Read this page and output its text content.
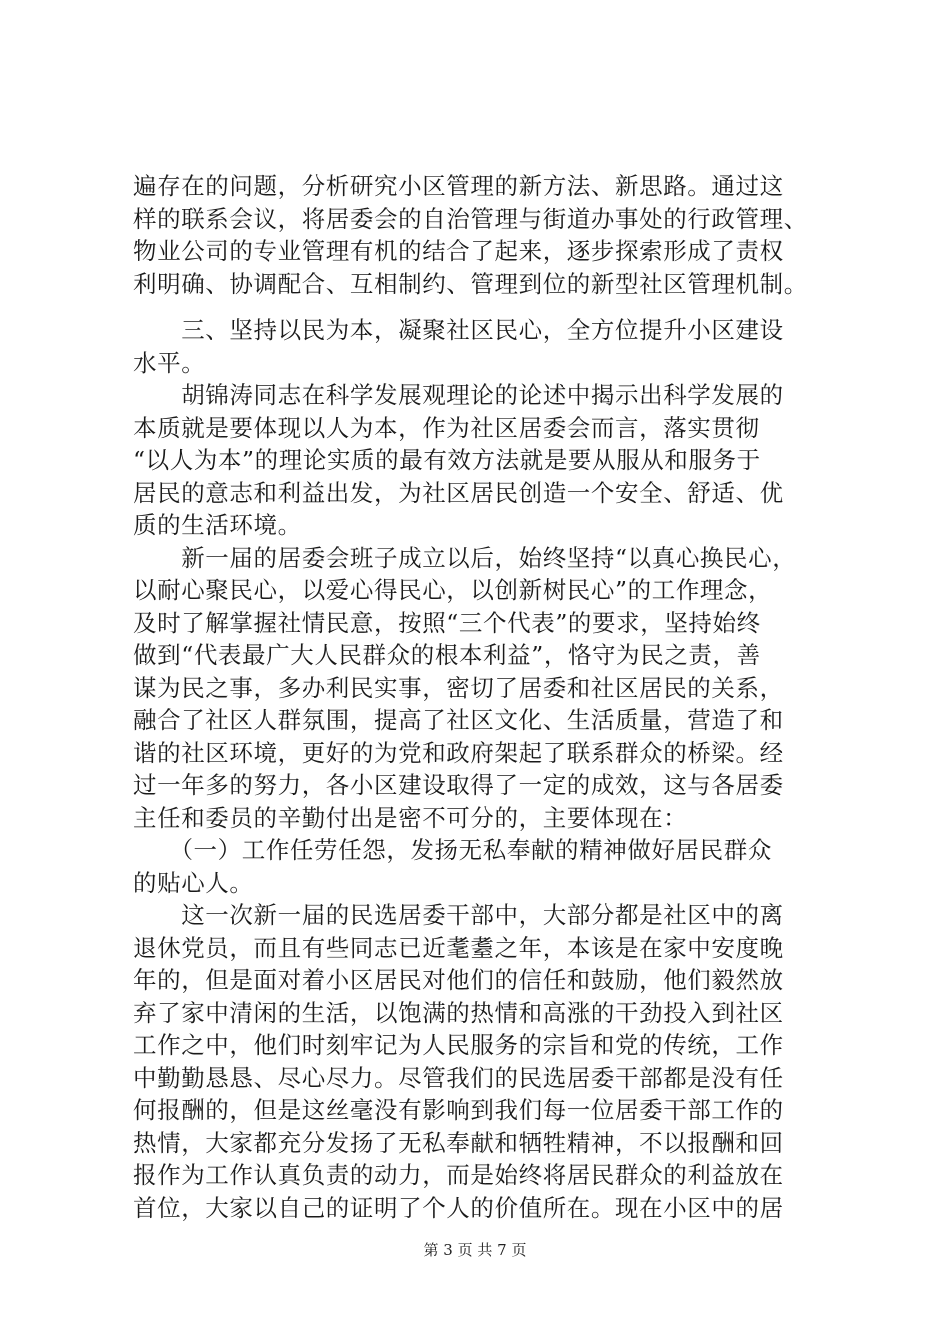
遍存在的问题，分析研究小区管理的新方法、新思路。通过这
样的联系会议，将居委会的自治管理与街道办事处的行政管理、
物业公司的专业管理有机的结合了起来，逐步探索形成了责权
利明确、协调配合、互相制约、管理到位的新型社区管理机制。
　　三、坚持以民为本，凝聚社区民心，全方位提升小区建设
水平。
　　胡锦涛同志在科学发展观理论的论述中揭示出科学发展的
本质就是要体现以人为本，作为社区居委会而言，落实贯彻
“以人为本”的理论实质的最有效方法就是要从服从和服务于
居民的意志和利益出发，为社区居民创造一个安全、舒适、优
质的生活环境。
　　新一届的居委会班子成立以后，始终坚持“以真心换民心，
以耐心聚民心，以爱心得民心，以创新树民心”的工作理念，
及时了解掌握社情民意，按照“三个代表”的要求，坚持始终
做到“代表最广大人民群众的根本利益”，恪守为民之责，善
谋为民之事，多办利民实事，密切了居委和社区居民的关系，
融合了社区人群氛围，提高了社区文化、生活质量，营造了和
谐的社区环境，更好的为党和政府架起了联系群众的桥梁。经
过一年多的努力，各小区建设取得了一定的成效，这与各居委
主任和委员的辛勤付出是密不可分的，主要体现在：
　　（一）工作任劳任怨，发扬无私奉献的精神做好居民群众
的贴心人。
　　这一次新一届的民选居委干部中，大部分都是社区中的离
退休党员，而且有些同志已近耄耋之年，本该是在家中安度晚
年的，但是面对着小区居民对他们的信任和鼓励，他们毅然放
弃了家中清闲的生活，以饱满的热情和高涨的干劲投入到社区
工作之中，他们时刻牢记为人民服务的宗旨和党的传统，工作
中勤勤恳恳、尽心尽力。尽管我们的民选居委干部都是没有任
何报酬的，但是这丝毫没有影响到我们每一位居委干部工作的
热情，大家都充分发扬了无私奉献和牺牲精神，不以报酬和回
报作为工作认真负责的动力，而是始终将居民群众的利益放在
首位，大家以自己的证明了个人的价值所在。现在小区中的居
第 3 页 共 7 页
